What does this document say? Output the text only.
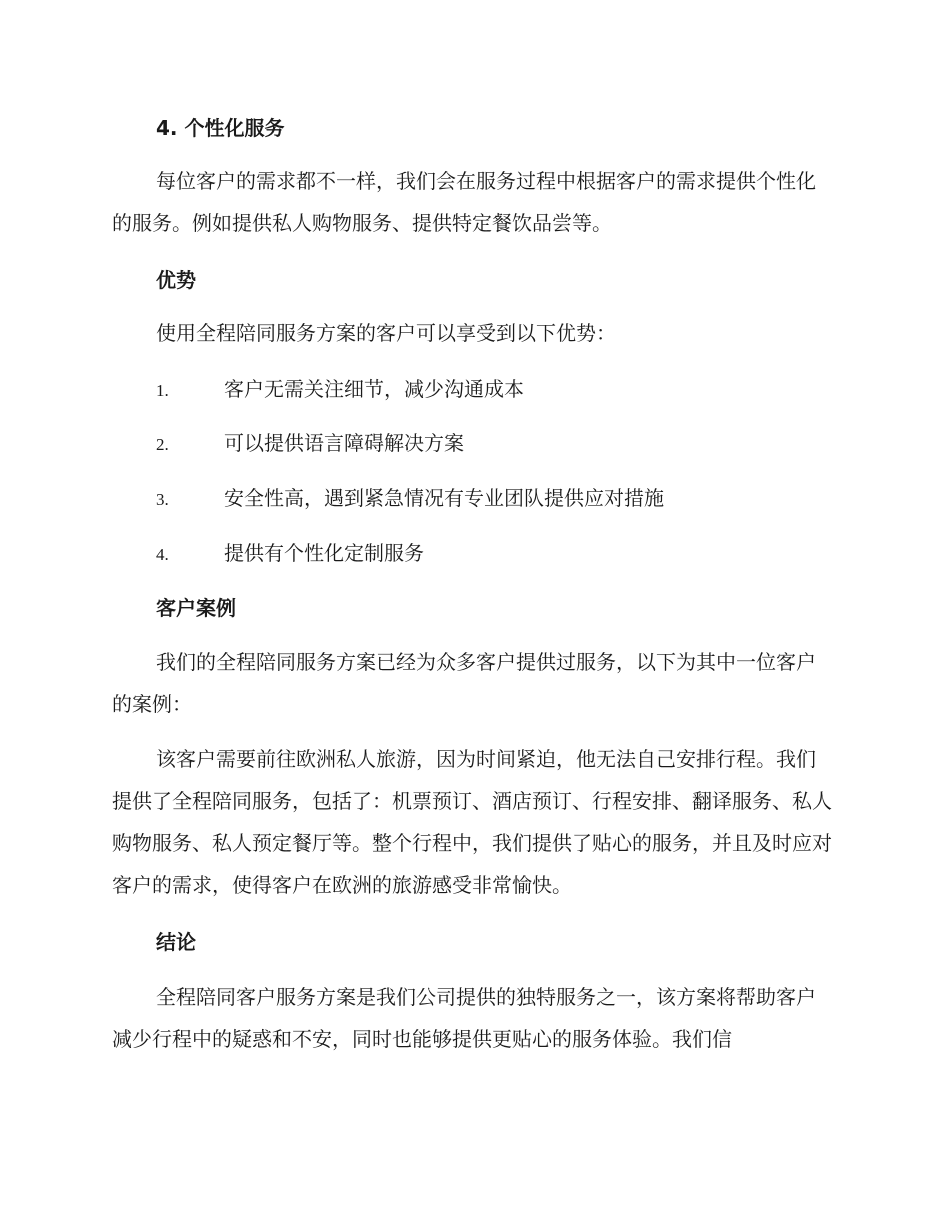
4. 个性化服务

每位客户的需求都不一样，我们会在服务过程中根据客户的需求提供个性化的服务。例如提供私人购物服务、提供特定餐饮品尝等。

优势

使用全程陪同服务方案的客户可以享受到以下优势：

1.	客户无需关注细节，减少沟通成本
2.	可以提供语言障碍解决方案
3.	安全性高，遇到紧急情况有专业团队提供应对措施
4.	提供有个性化定制服务
客户案例

我们的全程陪同服务方案已经为众多客户提供过服务，以下为其中一位客户的案例：

该客户需要前往欧洲私人旅游，因为时间紧迫，他无法自己安排行程。我们提供了全程陪同服务，包括了：机票预订、酒店预订、行程安排、翻译服务、私人购物服务、私人预定餐厅等。整个行程中，我们提供了贴心的服务，并且及时应对客户的需求，使得客户在欧洲的旅游感受非常愉快。

结论

全程陪同客户服务方案是我们公司提供的独特服务之一，该方案将帮助客户减少行程中的疑惑和不安，同时也能够提供更贴心的服务体验。我们信
